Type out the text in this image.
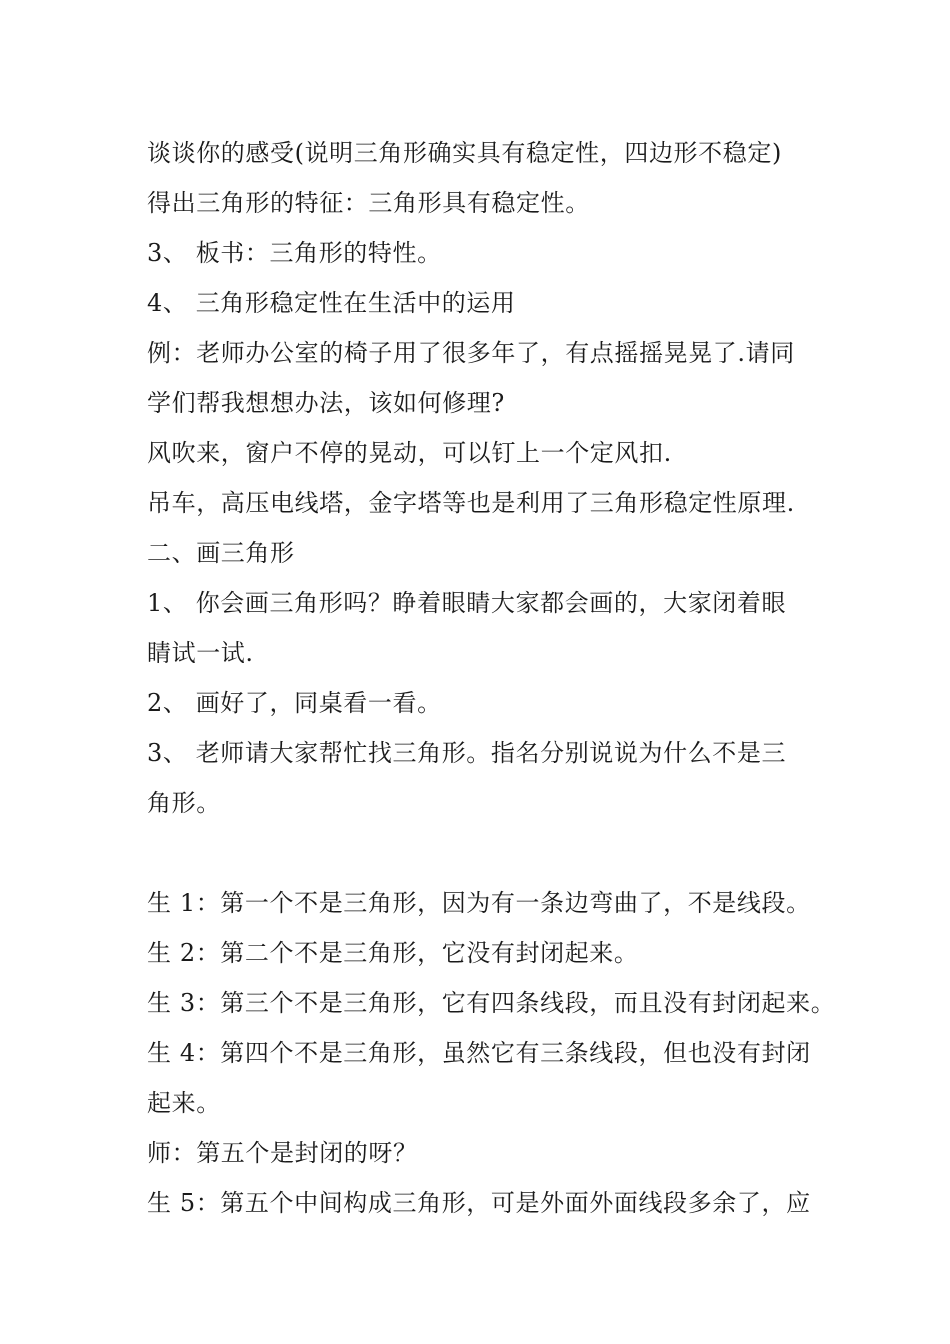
谈谈你的感受(说明三角形确实具有稳定性，四边形不稳定)
得出三角形的特征：三角形具有稳定性。
3、 板书：三角形的特性。
4、 三角形稳定性在生活中的运用
例：老师办公室的椅子用了很多年了，有点摇摇晃晃了.请同
学们帮我想想办法，该如何修理?
风吹来，窗户不停的晃动，可以钉上一个定风扣.
吊车，高压电线塔，金字塔等也是利用了三角形稳定性原理.
二、画三角形
1、 你会画三角形吗？睁着眼睛大家都会画的，大家闭着眼
睛试一试.
2、 画好了，同桌看一看。
3、 老师请大家帮忙找三角形。指名分别说说为什么不是三
角形。
生 1：第一个不是三角形，因为有一条边弯曲了，不是线段。
生 2：第二个不是三角形，它没有封闭起来。
生 3：第三个不是三角形，它有四条线段，而且没有封闭起来。
生 4：第四个不是三角形，虽然它有三条线段，但也没有封闭
起来。
师：第五个是封闭的呀？
生 5：第五个中间构成三角形，可是外面外面线段多余了，应
